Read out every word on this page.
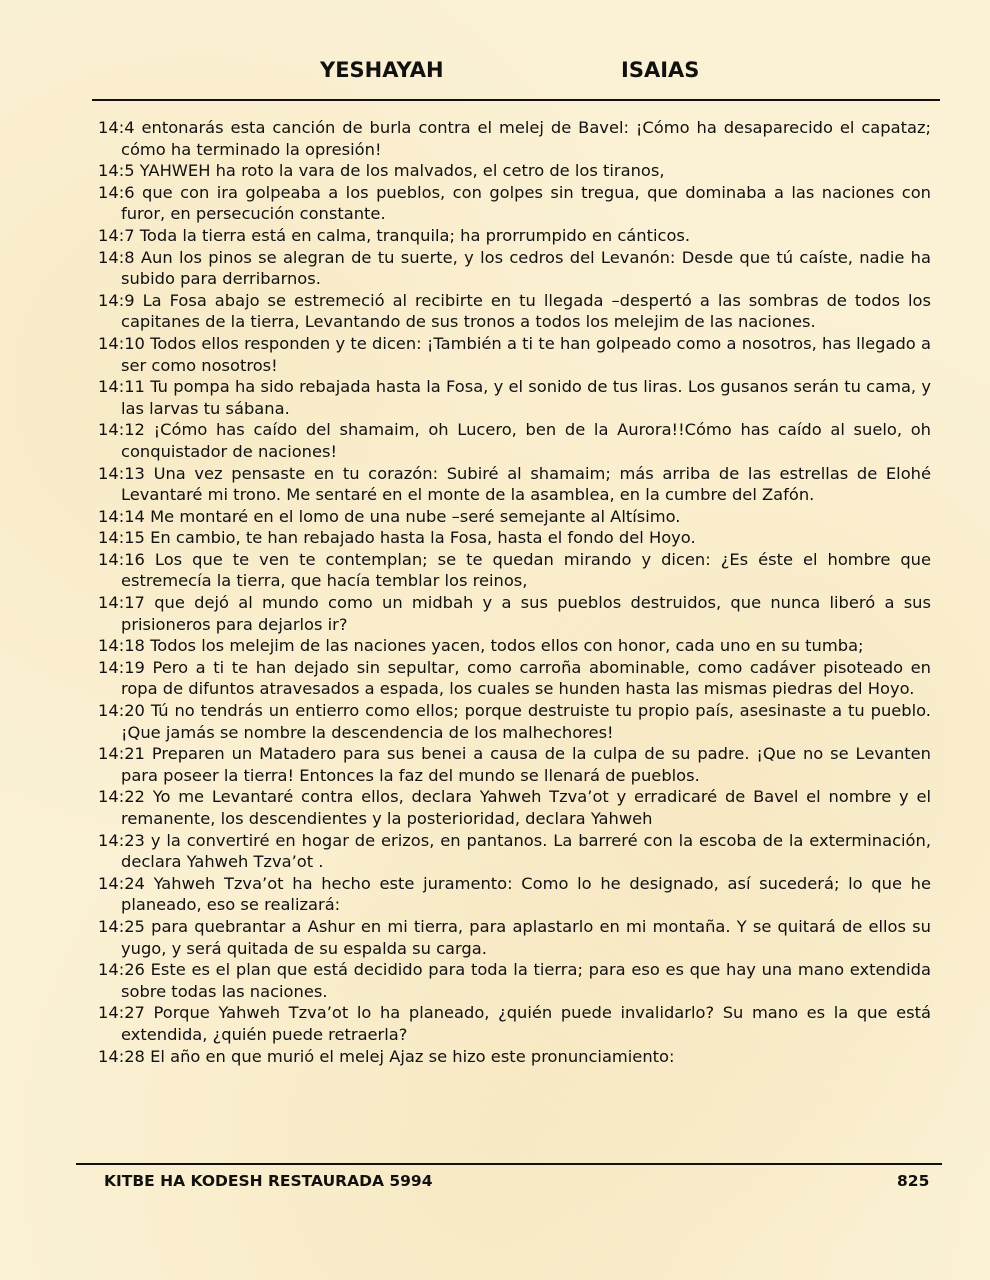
YESHAYAH	ISAIAS

14:4 entonarás esta canción de burla contra el melej de Bavel: ¡Cómo ha desaparecido el capataz; cómo ha terminado la opresión!

14:5 YAHWEH ha roto la vara de los malvados, el cetro de los tiranos,

14:6 que con ira golpeaba a los pueblos, con golpes sin tregua, que dominaba a las naciones con furor, en persecución constante.

14:7 Toda la tierra está en calma, tranquila; ha prorrumpido en cánticos.

14:8 Aun los pinos se alegran de tu suerte, y los cedros del Levanón: Desde que tú caíste, nadie ha subido para derribarnos.

14:9 La Fosa abajo se estremeció al recibirte en tu llegada –despertó a las sombras de todos los capitanes de la tierra, Levantando de sus tronos a todos los melejim de las naciones.

14:10 Todos ellos responden y te dicen: ¡También a ti te han golpeado como a nosotros, has llegado a ser como nosotros!

14:11 Tu pompa ha sido rebajada hasta la Fosa, y el sonido de tus liras. Los gusanos serán tu cama, y las larvas tu sábana.

14:12 ¡Cómo has caído del shamaim, oh Lucero, ben de la Aurora!!Cómo has caído al suelo, oh conquistador de naciones!

14:13 Una vez pensaste en tu corazón: Subiré al shamaim; más arriba de las estrellas de Elohé Levantaré mi trono. Me sentaré en el monte de la asamblea, en la cumbre del Zafón.

14:14 Me montaré en el lomo de una nube –seré semejante al Altísimo.

14:15 En cambio, te han rebajado hasta la Fosa, hasta el fondo del Hoyo.

14:16 Los que te ven te contemplan; se te quedan mirando y dicen: ¿Es éste el hombre que estremecía la tierra, que hacía temblar los reinos,

14:17 que dejó al mundo como un midbah y a sus pueblos destruidos, que nunca liberó a sus prisioneros para dejarlos ir?

14:18 Todos los melejim de las naciones yacen, todos ellos con honor, cada uno en su tumba;

14:19 Pero a ti te han dejado sin sepultar, como carroña abominable, como cadáver pisoteado en ropa de difuntos atravesados a espada, los cuales se hunden hasta las mismas piedras del Hoyo.

14:20 Tú no tendrás un entierro como ellos; porque destruiste tu propio país, asesinaste a tu pueblo. ¡Que jamás se nombre la descendencia de los malhechores!

14:21 Preparen un Matadero para sus benei a causa de la culpa de su padre. ¡Que no se Levanten para poseer la tierra! Entonces la faz del mundo se llenará de pueblos.

14:22 Yo me Levantaré contra ellos, declara Yahweh Tzva’ot y erradicaré de Bavel el nombre y el remanente, los descendientes y la posterioridad, declara Yahweh

14:23 y la convertiré en hogar de erizos, en pantanos. La barreré con la escoba de la exterminación, declara Yahweh Tzva’ot .

14:24 Yahweh Tzva’ot ha hecho este juramento: Como lo he designado, así sucederá; lo que he planeado, eso se realizará:

14:25 para quebrantar a Ashur en mi tierra, para aplastarlo en mi montaña. Y se quitará de ellos su yugo, y será quitada de su espalda su carga.

14:26 Este es el plan que está decidido para toda la tierra; para eso es que hay una mano extendida sobre todas las naciones.

14:27 Porque Yahweh Tzva’ot lo ha planeado, ¿quién puede invalidarlo? Su mano es la que está extendida, ¿quién puede retraerla?

14:28 El año en que murió el melej Ajaz se hizo este pronunciamiento:

KITBE HA KODESH RESTAURADA 5994	825
